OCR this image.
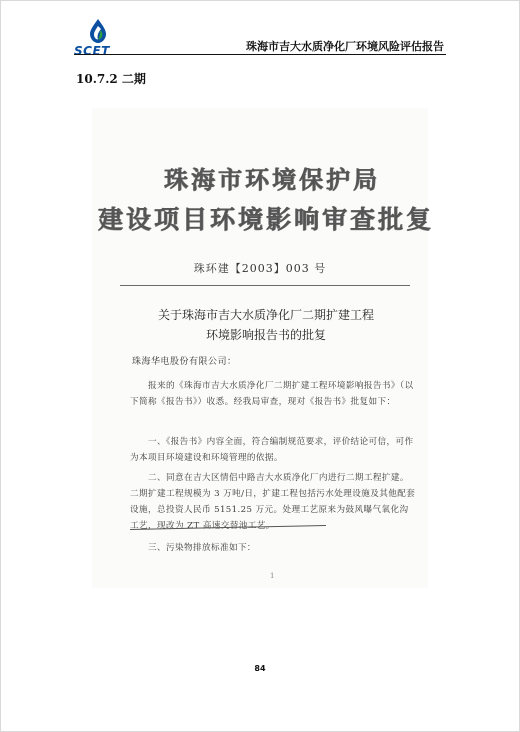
SCET	珠海市吉大水质净化厂环境风险评估报告
10.7.2 二期
珠海市环境保护局
建设项目环境影响审查批复
珠环建【2003】003 号
关于珠海市吉大水质净化厂二期扩建工程
环境影响报告书的批复
珠海华电股份有限公司：
报来的《珠海市吉大水质净化厂二期扩建工程环境影响报告书》（以下简称《报告书》）收悉。经我局审查，现对《报告书》批复如下：
一、《报告书》内容全面，符合编制规范要求，评价结论可信，可作为本项目环境建设和环境管理的依据。
二、同意在吉大区情侣中路吉大水质净化厂内进行二期工程扩建。二期扩建工程规模为 3 万吨/日，扩建工程包括污水处理设施及其他配套设施，总投资人民币 5151.25 万元。处理工艺原来为鼓风曝气氧化沟工艺，现改为 ZT 高速交替池工艺。
三、污染物排放标准如下：
1
84
